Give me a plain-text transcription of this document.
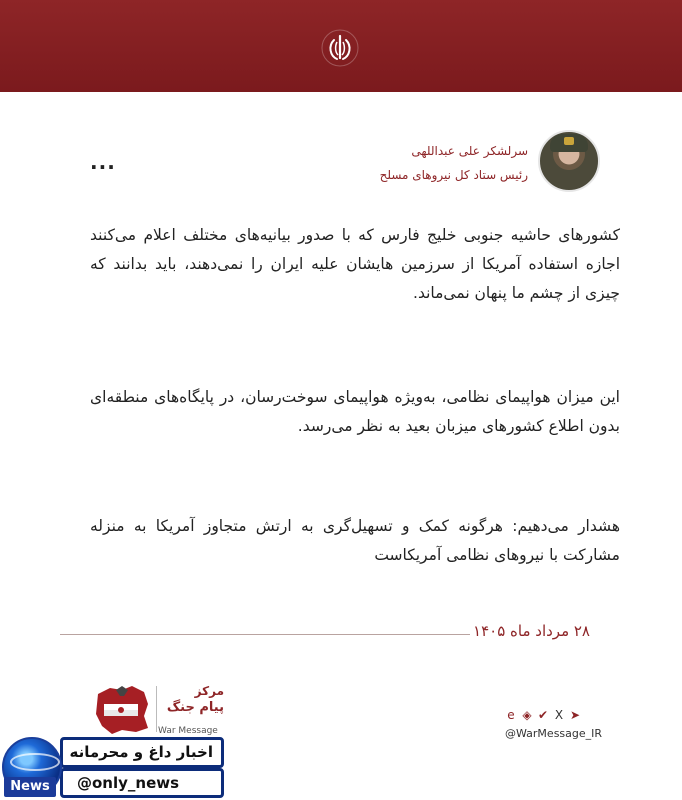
سرلشکر علی عبداللهی
رئیس ستاد کل نیروهای مسلح
...

کشورهای حاشیه جنوبی خلیج فارس که با صدور بیانیه‌های مختلف اعلام می‌کنند اجازه استفاده آمریکا از سرزمین هایشان علیه ایران را نمی‌دهند، باید بدانند که چیزی از چشم ما پنهان نمی‌ماند.

این میزان هواپیمای نظامی، به‌ویژه هواپیمای سوخت‌رسان، در پایگاه‌های منطقه‌ای بدون اطلاع کشورهای میزبان بعید به نظر می‌رسد.

هشدار می‌دهیم: هرگونه کمک و تسهیل‌گری به ارتش متجاوز آمریکا به منزله مشارکت با نیروهای نظامی آمریکاست

۲۸ مرداد ماه ۱۴۰۵
مرکز
پیام جنگ
War Message
e ◈ ✔ X ➤
@WarMessage_IR
اخبار داغ و محرمانه
@only_news
News
